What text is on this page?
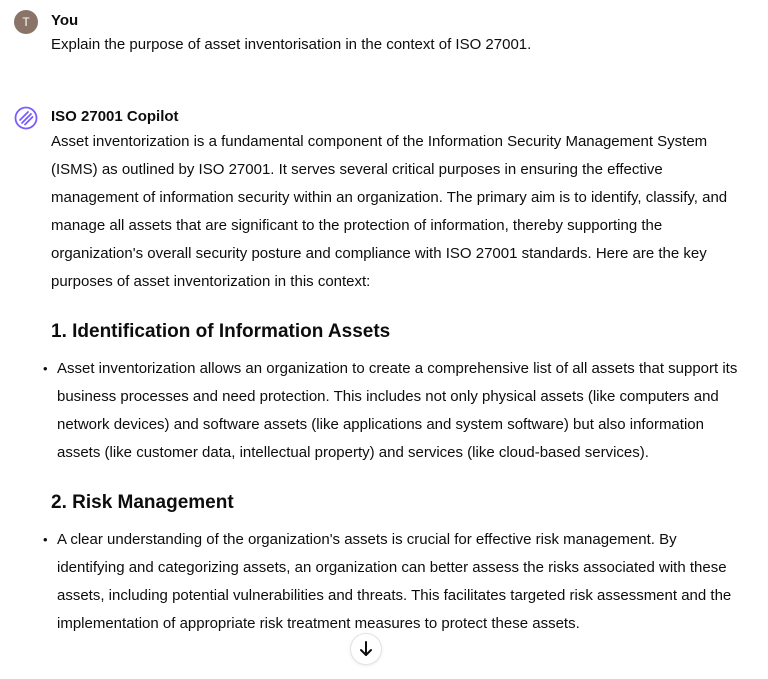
T	You

Explain the purpose of asset inventorisation in the context of ISO 27001.

ISO 27001 Copilot

Asset inventorization is a fundamental component of the Information Security Management System (ISMS) as outlined by ISO 27001. It serves several critical purposes in ensuring the effective management of information security within an organization. The primary aim is to identify, classify, and manage all assets that are significant to the protection of information, thereby supporting the organization's overall security posture and compliance with ISO 27001 standards. Here are the key purposes of asset inventorization in this context:

1. Identification of Information Assets

• Asset inventorization allows an organization to create a comprehensive list of all assets that support its business processes and need protection. This includes not only physical assets (like computers and network devices) and software assets (like applications and system software) but also information assets (like customer data, intellectual property) and services (like cloud-based services).

2. Risk Management

• A clear understanding of the organization's assets is crucial for effective risk management. By identifying and categorizing assets, an organization can better assess the risks associated with these assets, including potential vulnerabilities and threats. This facilitates targeted risk assessment and the implementation of appropriate risk treatment measures to protect these assets.
